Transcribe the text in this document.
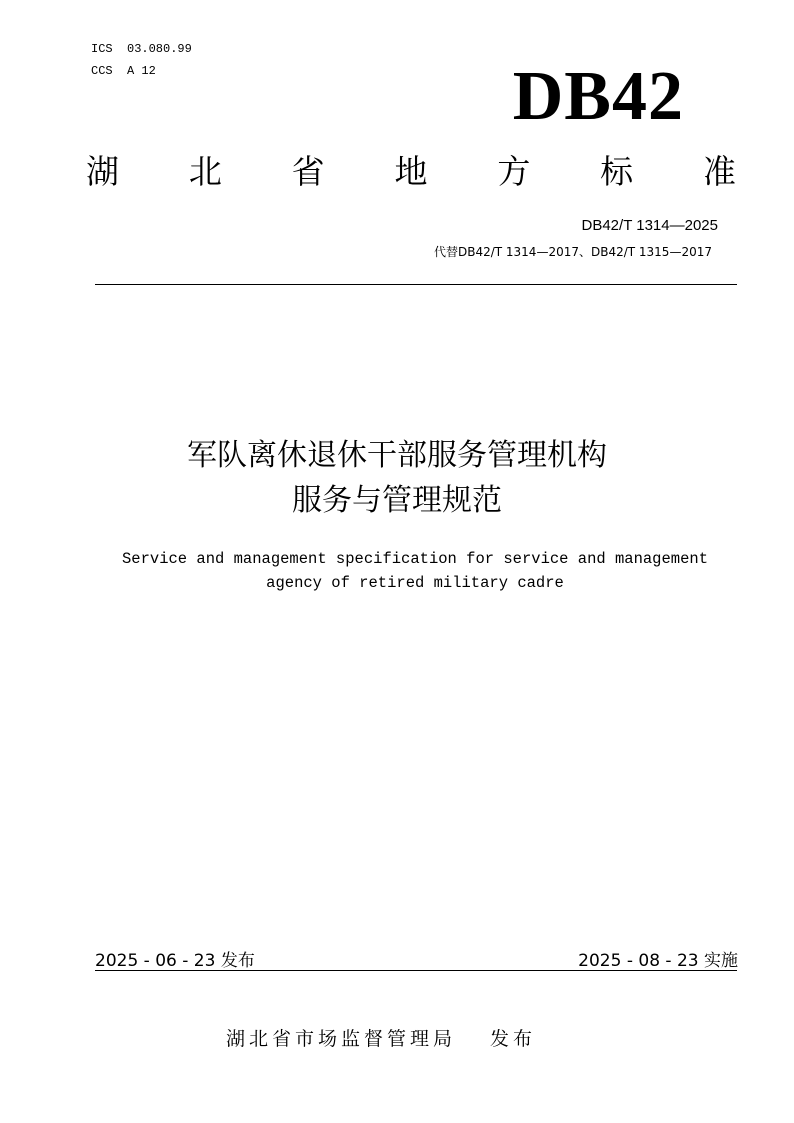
ICS  03.080.99
CCS  A 12	DB42
湖 北 省 地 方 标 准
DB42/T 1314—2025
代替DB42/T 1314—2017、DB42/T 1315—2017
军队离休退休干部服务管理机构
服务与管理规范
Service and management specification for service and management
agency of retired military cadre
2025 - 06 - 23 发布	2025 - 08 - 23 实施
湖北省市场监督管理局 发布
